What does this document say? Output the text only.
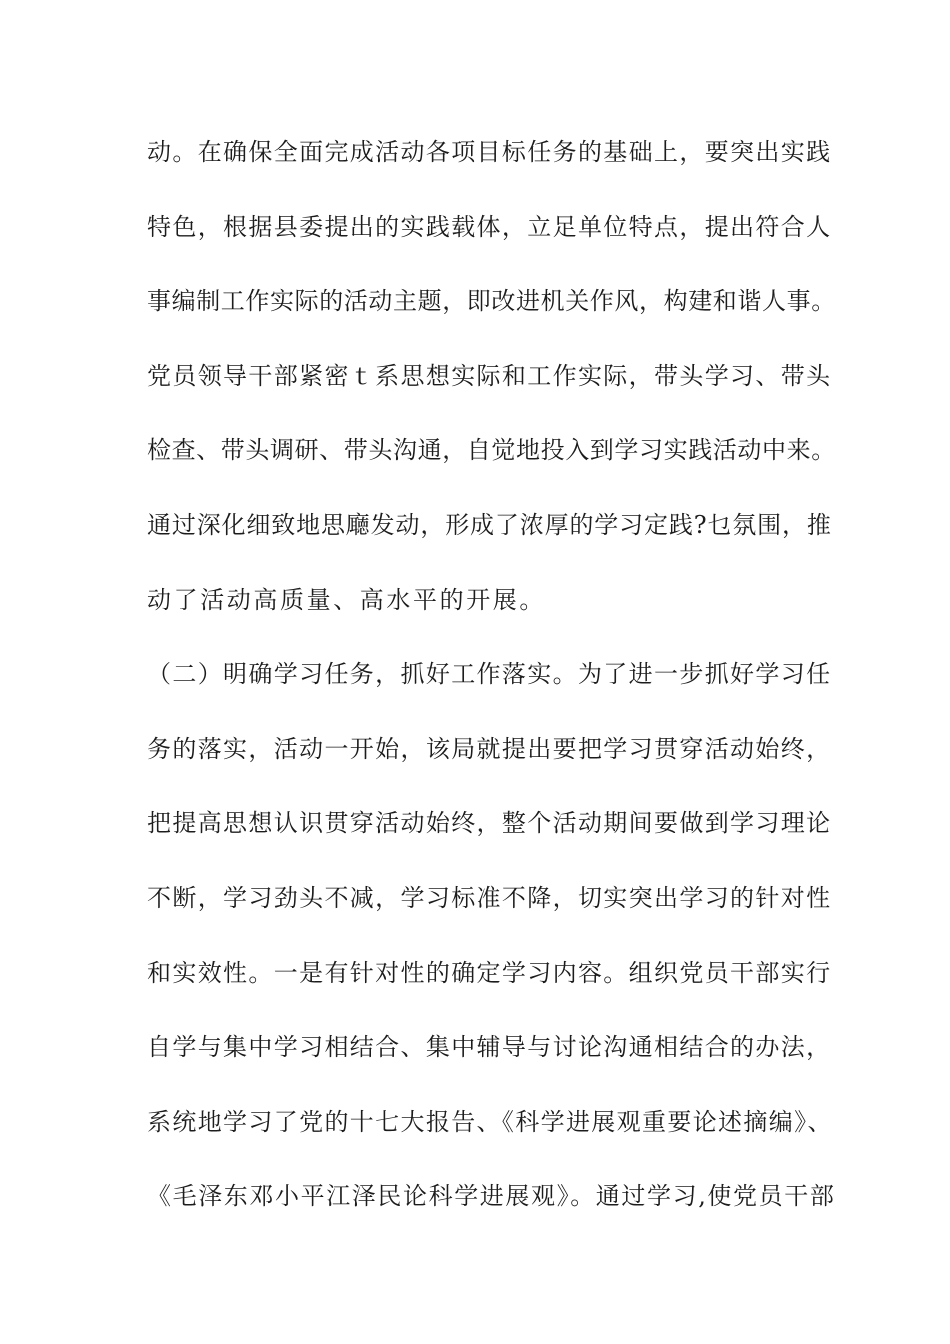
动。在确保全面完成活动各项目标任务的基础上，要突出实践
特色，根据县委提出的实践载体，立足单位特点，提出符合人
事编制工作实际的活动主题，即改进机关作风，构建和谐人事。
党员领导干部紧密ｔ系思想实际和工作实际，带头学习、带头
检查、带头调研、带头沟通，自觉地投入到学习实践活动中来。
通过深化细致地思廰发动，形成了浓厚的学习定践?乜氛围，推
动了活动高质量、高水平的开展。
（二）明确学习任务，抓好工作落实。为了进一步抓好学习任
务的落实，活动一开始，该局就提出要把学习贯穿活动始终，
把提高思想认识贯穿活动始终，整个活动期间要做到学习理论
不断，学习劲头不减，学习标准不降，切实突出学习的针对性
和实效性。一是有针对性的确定学习内容。组织党员干部实行
自学与集中学习相结合、集中辅导与讨论沟通相结合的办法，
系统地学习了党的十七大报告、《科学进展观重要论述摘编》、
《毛泽东邓小平江泽民论科学进展观》。通过学习,使党员干部
